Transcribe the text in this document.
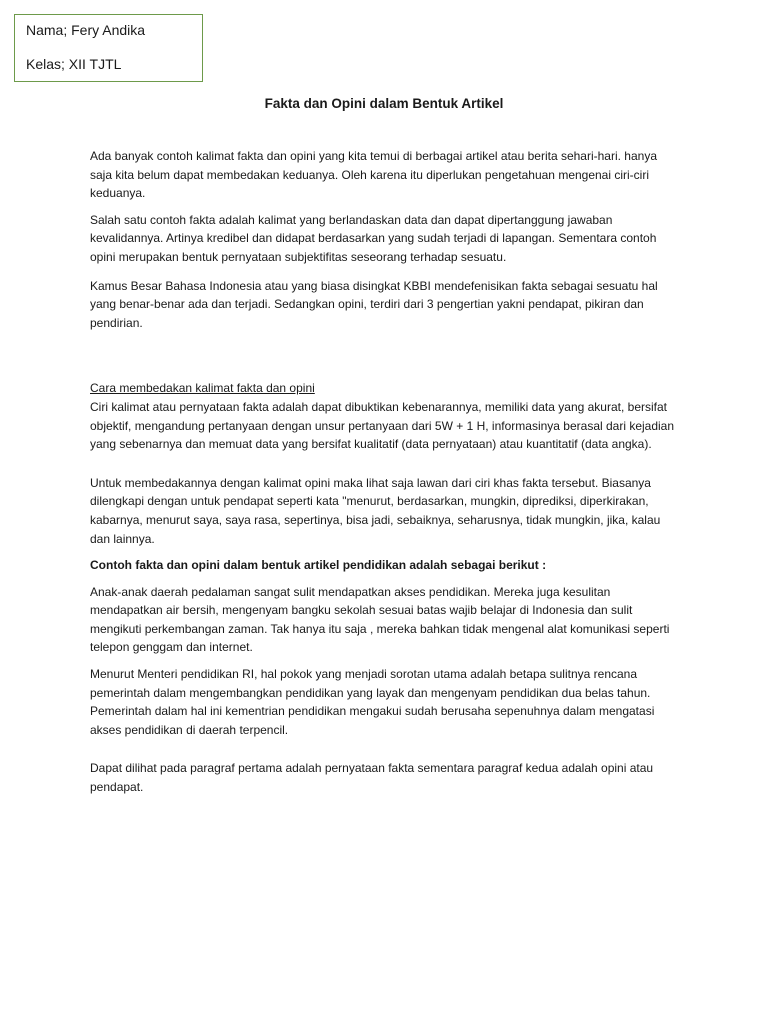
Nama; Fery Andika
Kelas; XII TJTL
Fakta dan Opini dalam Bentuk Artikel

Ada banyak contoh kalimat fakta dan opini yang kita temui di berbagai artikel atau berita sehari-hari. hanya saja kita belum dapat membedakan keduanya. Oleh karena itu diperlukan pengetahuan mengenai ciri-ciri keduanya.

Salah satu contoh fakta adalah kalimat yang berlandaskan data dan dapat dipertanggung jawaban kevalidannya. Artinya kredibel dan didapat berdasarkan yang sudah terjadi di lapangan. Sementara contoh opini merupakan bentuk pernyataan subjektifitas seseorang terhadap sesuatu.

Kamus Besar Bahasa Indonesia atau yang biasa disingkat KBBI mendefenisikan fakta sebagai sesuatu hal yang benar-benar ada dan terjadi. Sedangkan opini, terdiri dari 3 pengertian yakni pendapat, pikiran dan pendirian.

Cara membedakan kalimat fakta dan opini

Ciri kalimat atau pernyataan fakta adalah dapat dibuktikan kebenarannya, memiliki data yang akurat, bersifat objektif, mengandung pertanyaan dengan unsur pertanyaan dari 5W + 1 H, informasinya berasal dari kejadian yang sebenarnya dan memuat data yang bersifat kualitatif (data pernyataan) atau kuantitatif (data angka).

Untuk membedakannya dengan kalimat opini maka lihat saja lawan dari ciri khas fakta tersebut. Biasanya dilengkapi dengan untuk pendapat seperti kata "menurut, berdasarkan, mungkin, diprediksi, diperkirakan, kabarnya, menurut saya, saya rasa, sepertinya, bisa jadi, sebaiknya, seharusnya, tidak mungkin, jika, kalau dan lainnya.

Contoh fakta dan opini dalam bentuk artikel pendidikan adalah sebagai berikut :

Anak-anak daerah pedalaman sangat sulit mendapatkan akses pendidikan. Mereka juga kesulitan mendapatkan air bersih, mengenyam bangku sekolah sesuai batas wajib belajar di Indonesia dan sulit mengikuti perkembangan zaman. Tak hanya itu saja , mereka bahkan tidak mengenal alat komunikasi seperti telepon genggam dan internet.

Menurut Menteri pendidikan RI, hal pokok yang menjadi sorotan utama adalah betapa sulitnya rencana pemerintah dalam mengembangkan pendidikan yang layak dan mengenyam pendidikan dua belas tahun. Pemerintah dalam hal ini kementrian pendidikan mengakui sudah berusaha sepenuhnya dalam mengatasi akses pendidikan di daerah terpencil.

Dapat dilihat pada paragraf pertama adalah pernyataan fakta sementara paragraf kedua adalah opini atau pendapat.
